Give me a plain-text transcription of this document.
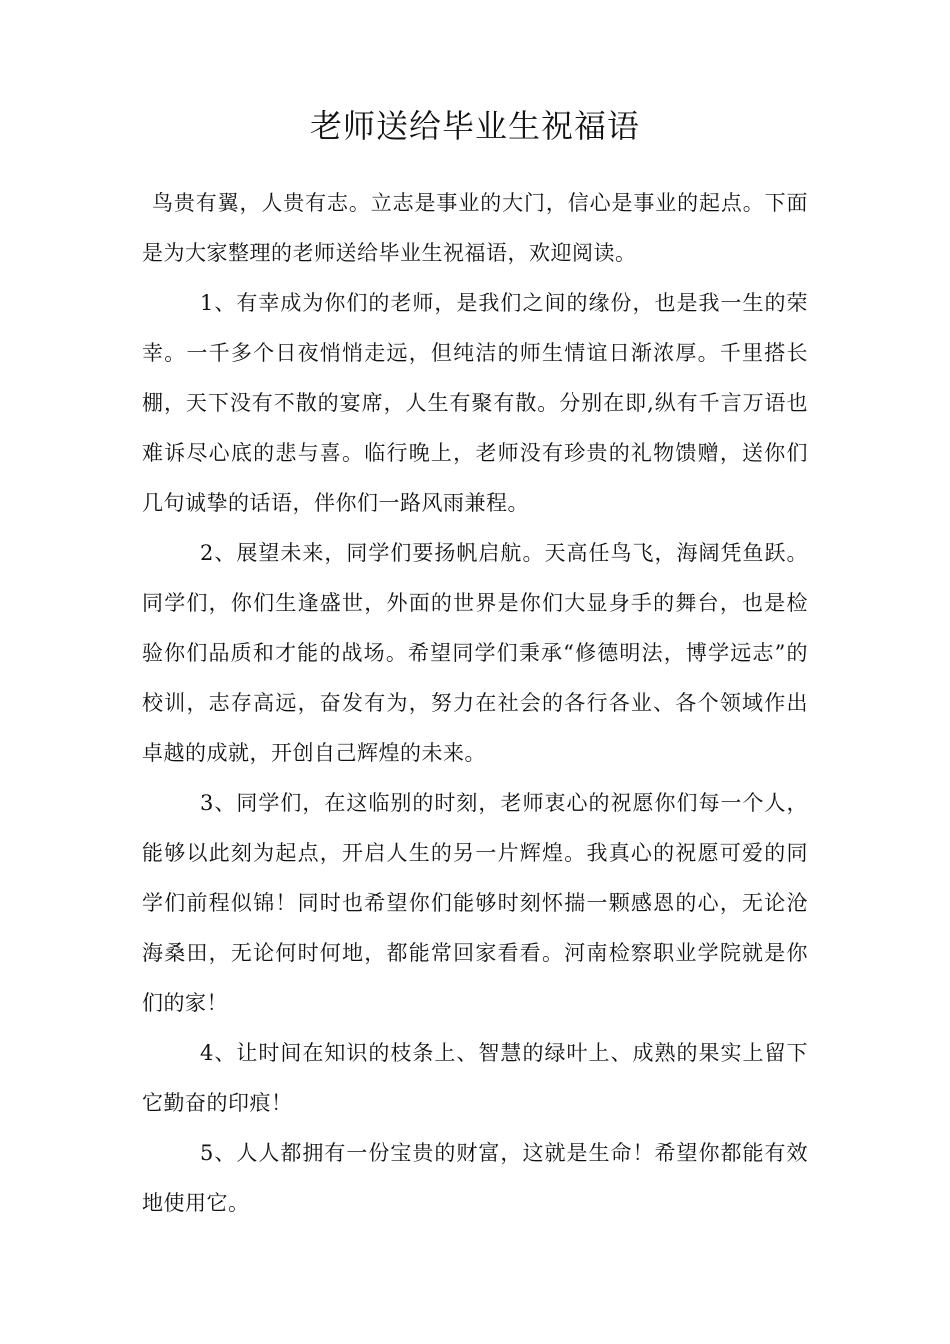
老师送给毕业生祝福语

鸟贵有翼，人贵有志。立志是事业的大门，信心是事业的起点。下面是为大家整理的老师送给毕业生祝福语，欢迎阅读。

1、有幸成为你们的老师，是我们之间的缘份，也是我一生的荣幸。一千多个日夜悄悄走远，但纯洁的师生情谊日渐浓厚。千里搭长棚，天下没有不散的宴席，人生有聚有散。分别在即,纵有千言万语也难诉尽心底的悲与喜。临行晚上，老师没有珍贵的礼物馈赠，送你们几句诚挚的话语，伴你们一路风雨兼程。

2、展望未来，同学们要扬帆启航。天高任鸟飞，海阔凭鱼跃。同学们，你们生逢盛世，外面的世界是你们大显身手的舞台，也是检验你们品质和才能的战场。希望同学们秉承“修德明法，博学远志”的校训，志存高远，奋发有为，努力在社会的各行各业、各个领域作出卓越的成就，开创自己辉煌的未来。

3、同学们，在这临别的时刻，老师衷心的祝愿你们每一个人，能够以此刻为起点，开启人生的另一片辉煌。我真心的祝愿可爱的同学们前程似锦！同时也希望你们能够时刻怀揣一颗感恩的心，无论沧海桑田，无论何时何地，都能常回家看看。河南检察职业学院就是你们的家！

4、让时间在知识的枝条上、智慧的绿叶上、成熟的果实上留下它勤奋的印痕！

5、人人都拥有一份宝贵的财富，这就是生命！希望你都能有效地使用它。
